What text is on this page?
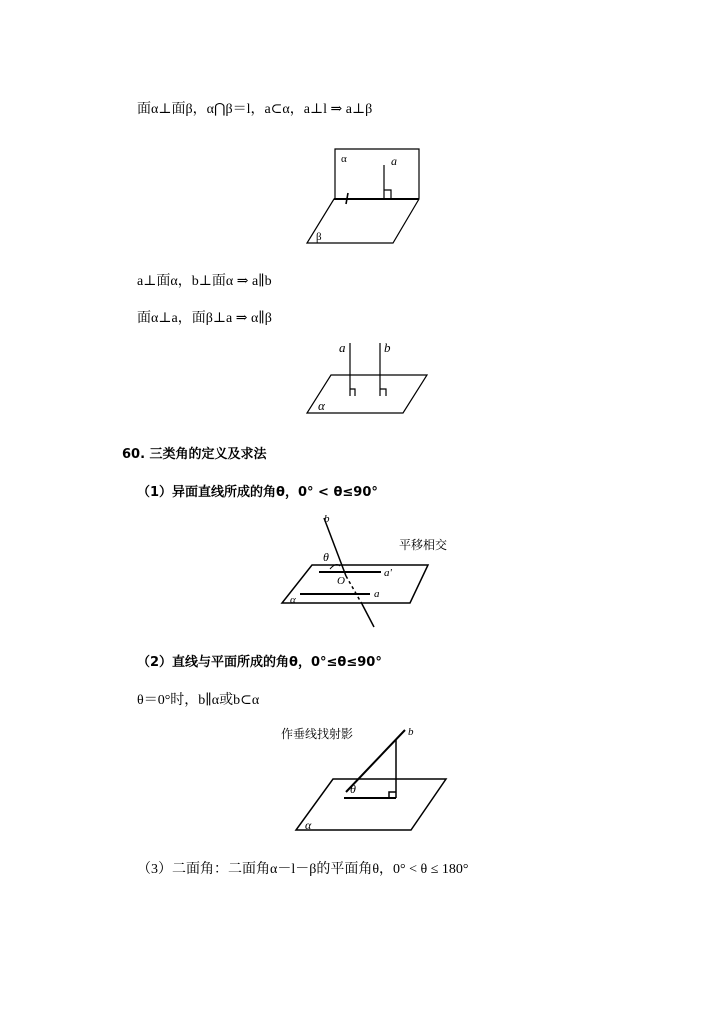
面α⊥面β，α⋂β＝l，a⊂α，a⊥l ⇒ a⊥β
α	a
β
a⊥面α，b⊥面α ⇒ a∥b
面α⊥a，面β⊥a ⇒ α∥β
a	b
α
60. 三类角的定义及求法
（1）异面直线所成的角θ，0° < θ≤90°
b
平移相交
θ
O
a'
a
α
（2）直线与平面所成的角θ，0°≤θ≤90°
θ＝0°时，b∥α或b⊂α
作垂线找射影	b
θ
α
（3）二面角：二面角α－l－β的平面角θ，0° < θ ≤ 180°
